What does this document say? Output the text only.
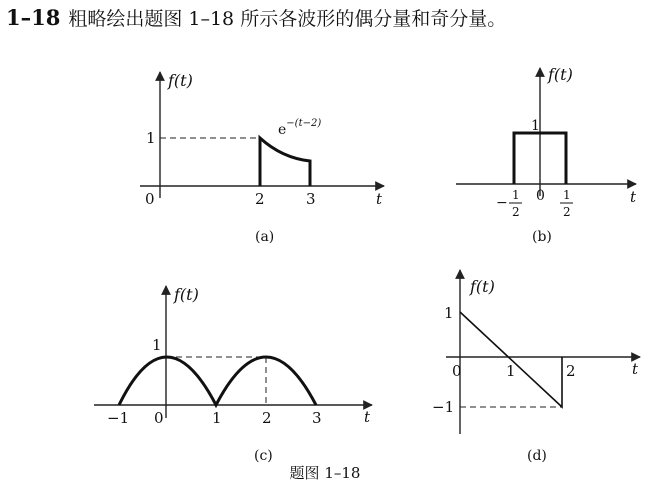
1–18 粗略绘出题图 1–18 所示各波形的偶分量和奇分量。
f(t)
t
1
0	2	3
$e^{-(t-2)}$
(a)
f(t)
t
1
0
− 1
2
1
2
(b)
f(t)
t
1
−1 0	1	2	3
(c)
f(t)
t
1
−1
0	1	2
(d)
题图 1–18
